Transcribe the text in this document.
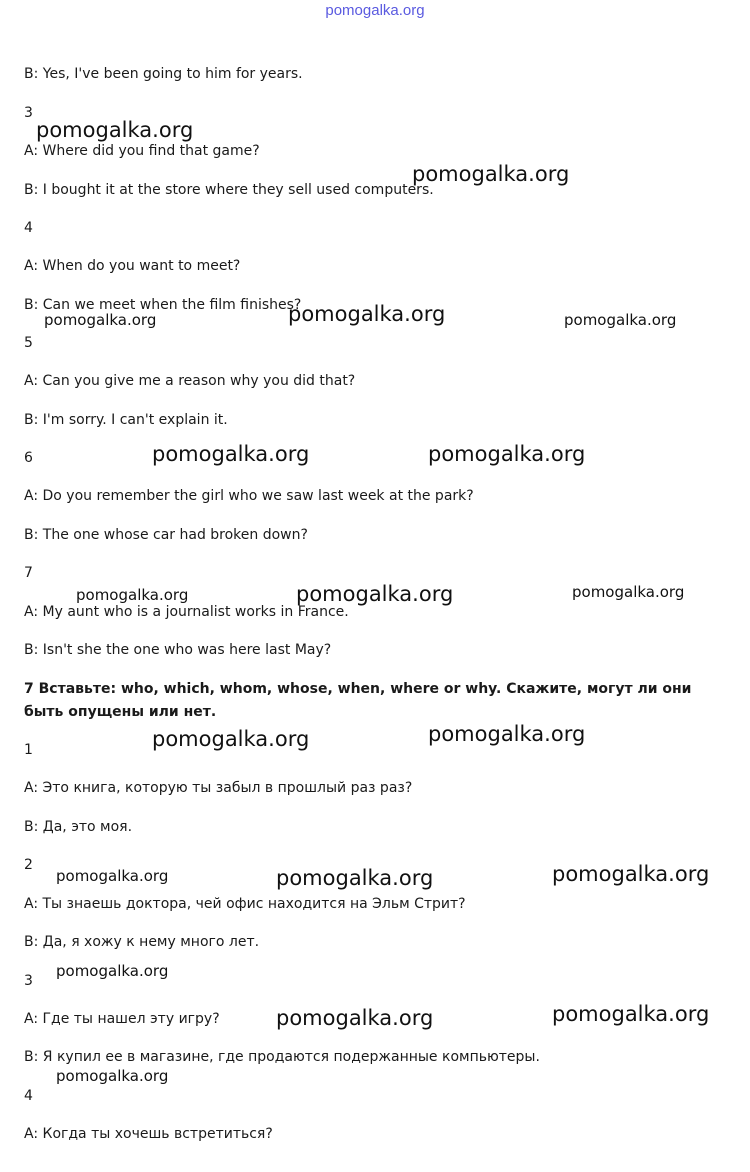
pomogalka.org
B: Yes, I've been going to him for years.
3
A: Where did you find that game?
B: I bought it at the store where they sell used computers.
4
A: When do you want to meet?
B: Can we meet when the film finishes?
5
A: Can you give me a reason why you did that?
B: I'm sorry. I can't explain it.
6
A: Do you remember the girl who we saw last week at the park?
B: The one whose car had broken down?
7
A: My aunt who is a journalist works in France.
B: Isn't she the one who was here last May?
7 Вставьте: who, which, whom, whose, when, where or why. Скажите, могут ли они быть опущены или нет.
1
A: Это книга, которую ты забыл в прошлый раз раз?
B: Да, это моя.
2
A: Ты знаешь доктора, чей офис находится на Эльм Стрит?
B: Да, я хожу к нему много лет.
3
A: Где ты нашел эту игру?
B: Я купил ее в магазине, где продаются подержанные компьютеры.
4
A: Когда ты хочешь встретиться?
pomogalka.org
pomogalka.org
pomogalka.org	pomogalka.org	pomogalka.org
pomogalka.org	pomogalka.org
pomogalka.org	pomogalka.org	pomogalka.org
pomogalka.org	pomogalka.org
pomogalka.org	pomogalka.org	pomogalka.org
pomogalka.org
pomogalka.org	pomogalka.org
pomogalka.org
